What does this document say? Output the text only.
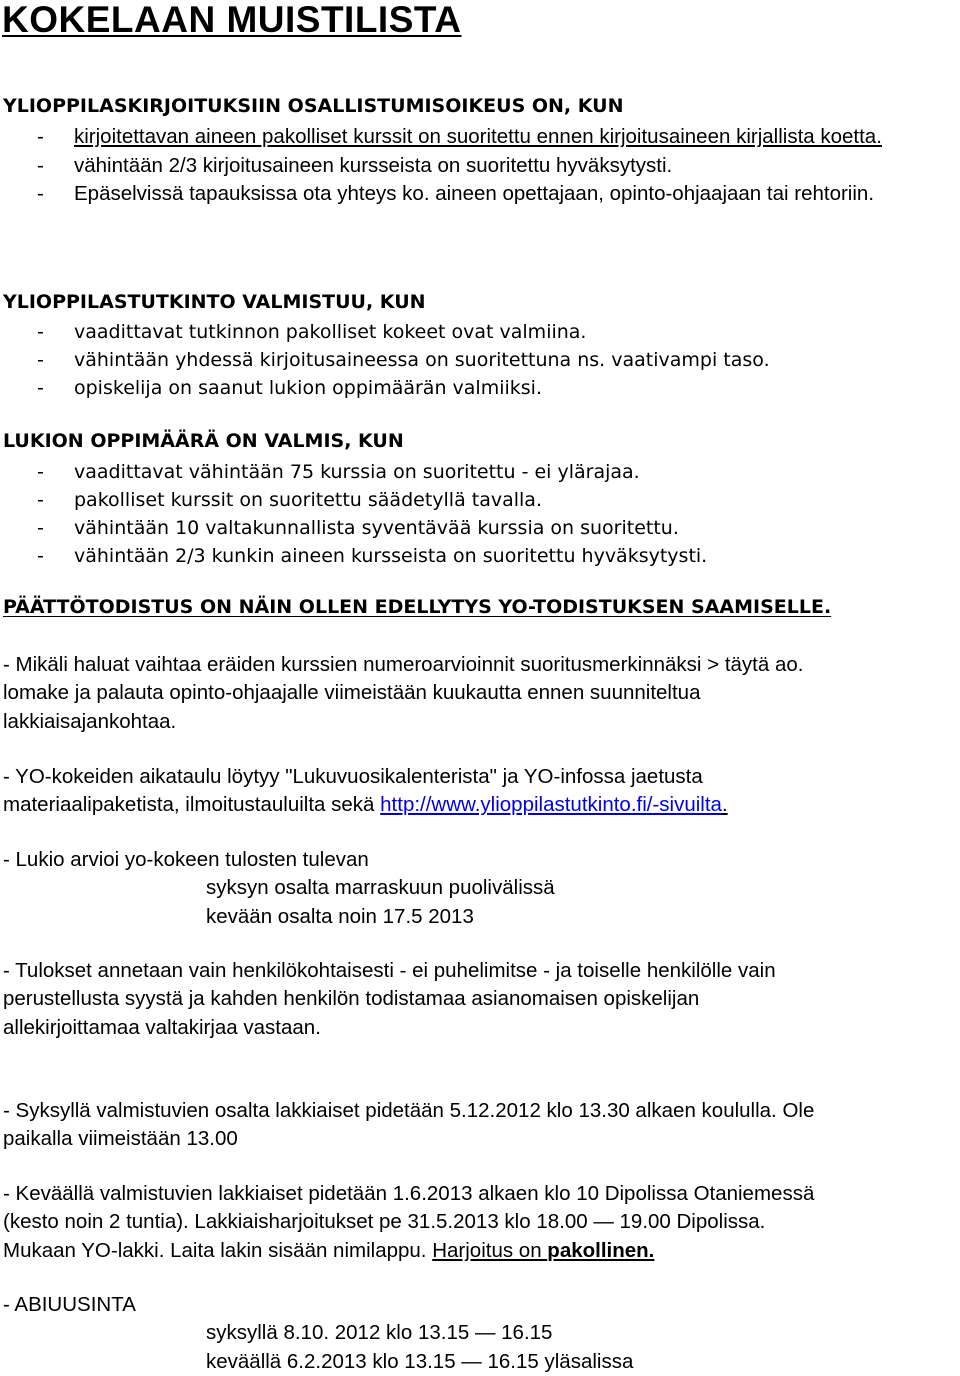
KOKELAAN MUISTILISTA
YLIOPPILASKIRJOITUKSIIN OSALLISTUMISOIKEUS ON, KUN
- kirjoitettavan aineen pakolliset kurssit on suoritettu ennen kirjoitusaineen kirjallista koetta.
- vähintään 2/3 kirjoitusaineen kursseista on suoritettu hyväksytysti.
- Epäselvissä tapauksissa ota yhteys ko. aineen opettajaan, opinto-ohjaajaan tai rehtoriin.
YLIOPPILASTUTKINTO VALMISTUU, KUN
- vaadittavat tutkinnon pakolliset kokeet ovat valmiina.
- vähintään yhdessä kirjoitusaineessa on suoritettuna ns. vaativampi taso.
- opiskelija on saanut lukion oppimäärän valmiiksi.
LUKION OPPIMÄÄRÄ ON VALMIS, KUN
- vaadittavat vähintään 75 kurssia on suoritettu - ei ylärajaa.
- pakolliset kurssit on suoritettu säädetyllä tavalla.
- vähintään 10 valtakunnallista syventävää kurssia on suoritettu.
- vähintään 2/3 kunkin aineen kursseista on suoritettu hyväksytysti.
PÄÄTTÖTODISTUS ON NÄIN OLLEN EDELLYTYS YO-TODISTUKSEN SAAMISELLE.

- Mikäli haluat vaihtaa eräiden kurssien numeroarvioinnit suoritusmerkinnäksi > täytä ao.
lomake ja palauta opinto-ohjaajalle viimeistään kuukautta ennen suunniteltua
lakkiaisajankohtaa.

- YO-kokeiden aikataulu löytyy "Lukuvuosikalenterista" ja YO-infossa jaetusta
materiaalipaketista, ilmoitustauluilta sekä http://www.ylioppilastutkinto.fi/-sivuilta.

- Lukio arvioi yo-kokeen tulosten tulevan
syksyn osalta marraskuun puolivälissä
kevään osalta noin 17.5 2013

- Tulokset annetaan vain henkilökohtaisesti - ei puhelimitse - ja toiselle henkilölle vain
perustellusta syystä ja kahden henkilön todistamaa asianomaisen opiskelijan
allekirjoittamaa valtakirjaa vastaan.

- Syksyllä valmistuvien osalta lakkiaiset pidetään 5.12.2012 klo 13.30 alkaen koululla. Ole
paikalla viimeistään 13.00

- Keväällä valmistuvien lakkiaiset pidetään 1.6.2013 alkaen klo 10 Dipolissa Otaniemessä
(kesto noin 2 tuntia). Lakkiaisharjoitukset pe 31.5.2013 klo 18.00 — 19.00 Dipolissa.
Mukaan YO-lakki. Laita lakin sisään nimilappu. Harjoitus on pakollinen.

- ABIUUSINTA
syksyllä 8.10. 2012 klo 13.15 — 16.15
keväällä 6.2.2013 klo 13.15 — 16.15 yläsalissa
